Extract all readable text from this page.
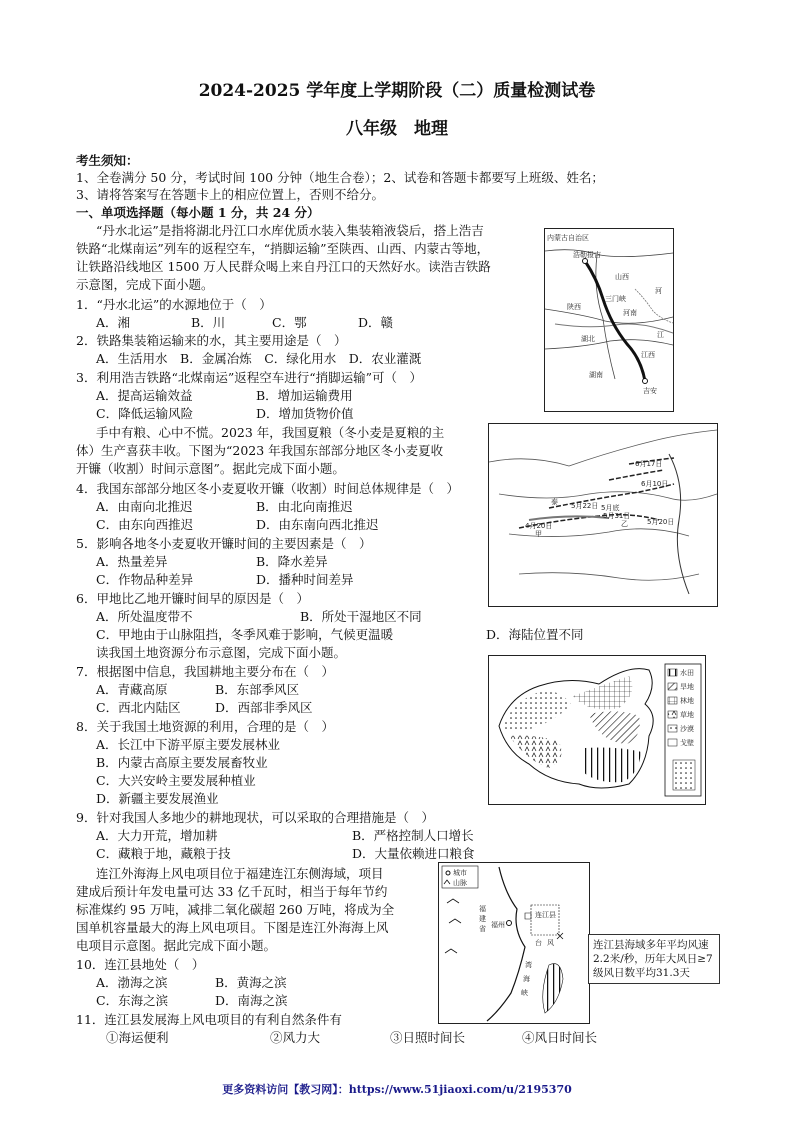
2024-2025 学年度上学期阶段（二）质量检测试卷
八年级　地理
考生须知：
1、全卷满分 50 分，考试时间 100 分钟（地生合卷）；2、试卷和答题卡都要写上班级、姓名；
3、请将答案写在答题卡上的相应位置上，否则不给分。
一、单项选择题（每小题 1 分，共 24 分）
“丹水北运”是指将湖北丹江口水库优质水装入集装箱液袋后，搭上浩吉
铁路“北煤南运”列车的返程空车，“捎脚运输”至陕西、山西、内蒙古等地，
让铁路沿线地区 1500 万人民群众喝上来自丹江口的天然好水。读浩吉铁路
示意图，完成下面小题。
1．“丹水北运”的水源地位于（　）
A．湘	B．川	C．鄂	D．赣
2．铁路集装箱运输来的水，其主要用途是（　）
A．生活用水　B．金属冶炼　C．绿化用水　D．农业灌溉
3．利用浩吉铁路“北煤南运”返程空车进行“捎脚运输”可（　）
A．提高运输效益	B．增加运输费用
C．降低运输风险	D．增加货物价值
手中有粮、心中不慌。2023 年，我国夏粮（冬小麦是夏粮的主
体）生产喜获丰收。下图为“2023 年我国东部部分地区冬小麦夏收
开镰（收割）时间示意图”。据此完成下面小题。
4．我国东部部分地区冬小麦夏收开镰（收割）时间总体规律是（　）
A．由南向北推迟	B．由北向南推迟
C．由东向西推迟	D．由东南向西北推迟
5．影响各地冬小麦夏收开镰时间的主要因素是（　）
A．热量差异	B．降水差异
C．作物品种差异	D．播种时间差异
6．甲地比乙地开镰时间早的原因是（　）
A．所处温度带不	B．所处干湿地区不同
C．甲地由于山脉阻挡，冬季风难于影响，气候更温暖	D．海陆位置不同
读我国土地资源分布示意图，完成下面小题。
7．根据图中信息，我国耕地主要分布在（　）
A．青藏高原	B．东部季风区
C．西北内陆区	D．西部非季风区
8．关于我国土地资源的利用，合理的是（　）
A．长江中下游平原主要发展林业
B．内蒙古高原主要发展畜牧业
C．大兴安岭主要发展种植业
D．新疆主要发展渔业
9．针对我国人多地少的耕地现状，可以采取的合理措施是（　）
A．大力开荒，增加耕	B．严格控制人口增长
C．藏粮于地，藏粮于技	D．大量依赖进口粮食
连江外海海上风电项目位于福建连江东侧海域，项目
建成后预计年发电量可达 33 亿千瓦时，相当于每年节约
标准煤约 95 万吨，减排二氧化碳超 260 万吨，将成为全
国单机容量最大的海上风电项目。下图是连江外海海上风
电项目示意图。据此完成下面小题。
10．连江县地处（　）
A．渤海之滨	B．黄海之滨
C．东海之滨	D．南海之滨
11．连江县发展海上风电项目的有利自然条件有
①海运便利	②风力大	③日照时间长	④风日时间长
内蒙古自治区
浩勒报吉
山西
陕西
河南
三门峡
湖北
江西
湖南
吉安
河
江
6月17日
6月10日
5月22日
泰
5月底
5月31日
乙	5月20日
4月20日
甲
水田
旱地
林地
草地
沙漠
戈壁
城市
山脉
福
建
省 福州
连江县
台 风
湾
海
峡
连江县海域多年平均风速2.2米/秒，历年大风日≥7级风日数平均31.3天
更多资料访问【教习网】：https://www.51jiaoxi.com/u/2195370
